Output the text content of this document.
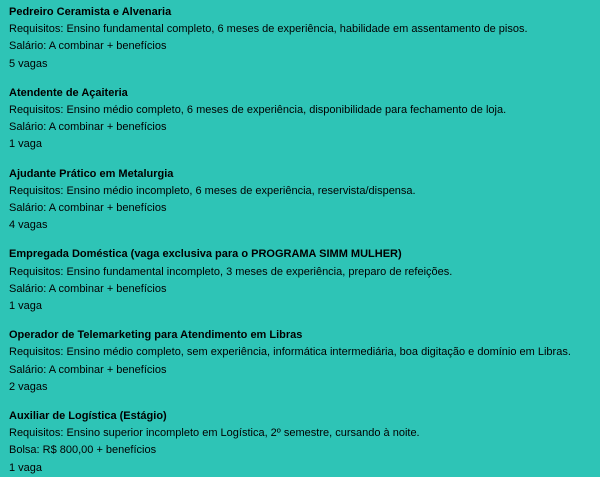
Pedreiro Ceramista e Alvenaria
Requisitos: Ensino fundamental completo, 6 meses de experiência, habilidade em assentamento de pisos.
Salário: A combinar + benefícios
5 vagas
Atendente de Açaiteria
Requisitos: Ensino médio completo, 6 meses de experiência, disponibilidade para fechamento de loja.
Salário: A combinar + benefícios
1 vaga
Ajudante Prático em Metalurgia
Requisitos: Ensino médio incompleto, 6 meses de experiência, reservista/dispensa.
Salário: A combinar + benefícios
4 vagas
Empregada Doméstica (vaga exclusiva para o PROGRAMA SIMM MULHER)
Requisitos: Ensino fundamental incompleto, 3 meses de experiência, preparo de refeições.
Salário: A combinar + benefícios
1 vaga
Operador de Telemarketing para Atendimento em Libras
Requisitos: Ensino médio completo, sem experiência, informática intermediária, boa digitação e domínio em Libras.
Salário: A combinar + benefícios
2 vagas
Auxiliar de Logística (Estágio)
Requisitos: Ensino superior incompleto em Logística, 2º semestre, cursando à noite.
Bolsa: R$ 800,00 + benefícios
1 vaga
